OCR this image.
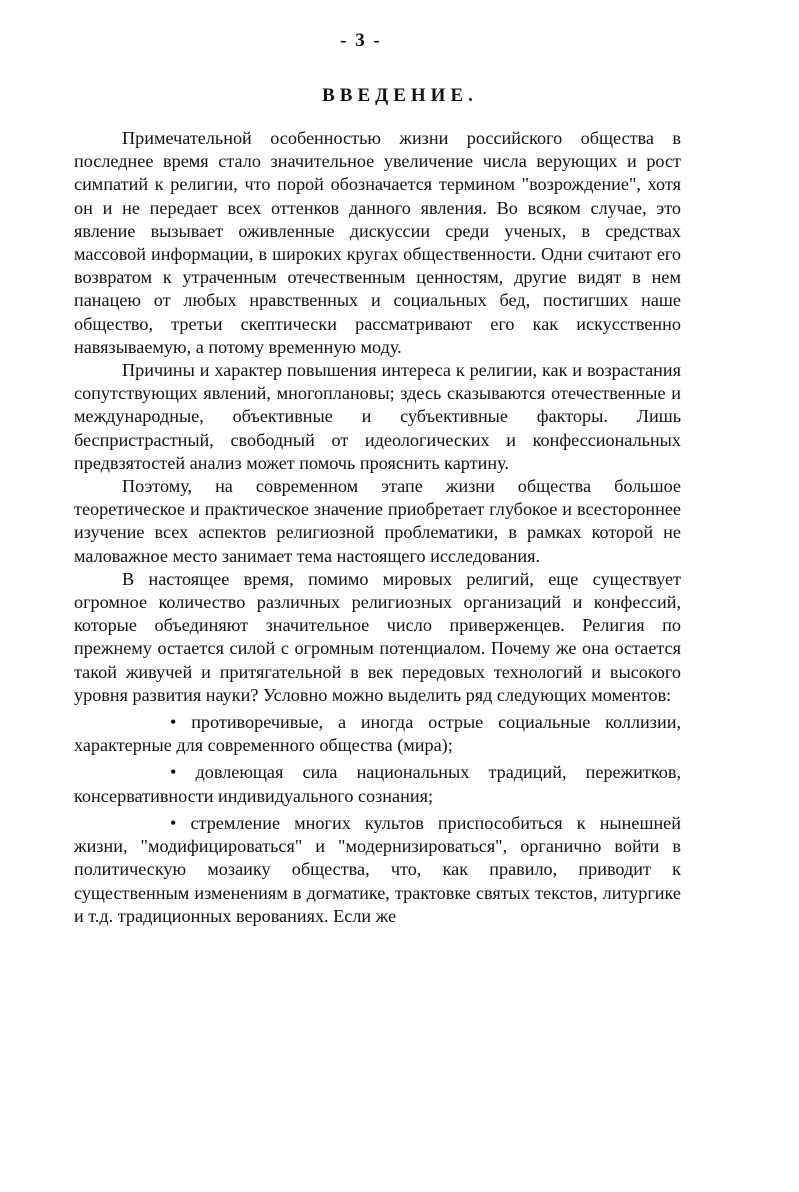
- 3 -
ВВЕДЕНИЕ.

Примечательной особенностью жизни российского общества в последнее время стало значительное увеличение числа верующих и рост симпатий к религии, что порой обозначается термином "возрождение", хотя он и не передает всех оттенков данного явления. Во всяком случае, это явление вызывает оживленные дискуссии среди ученых, в средствах массовой информации, в широких кругах общественности. Одни считают его возвратом к утраченным отечественным ценностям, другие видят в нем панацею от любых нравственных и социальных бед, постигших наше общество, третьи скептически рассматривают его как искусственно навязываемую, а потому временную моду.

Причины и характер повышения интереса к религии, как и возрастания сопутствующих явлений, многоплановы; здесь сказываются отечественные и международные, объективные и субъективные факторы. Лишь беспристрастный, свободный от идеологических и конфессиональных предвзятостей анализ может помочь прояснить картину.

Поэтому, на современном этапе жизни общества большое теоретическое и практическое значение приобретает глубокое и всестороннее изучение всех аспектов религиозной проблематики, в рамках которой не маловажное место занимает тема настоящего исследования.

В настоящее время, помимо мировых религий, еще существует огромное количество различных религиозных организаций и конфессий, которые объединяют значительное число приверженцев. Религия по прежнему остается силой с огромным потенциалом. Почему же она остается такой живучей и притягательной в век передовых технологий и высокого уровня развития науки? Условно можно выделить ряд следующих моментов:

• противоречивые, а иногда острые социальные коллизии, характерные для современного общества (мира);

• довлеющая сила национальных традиций, пережитков, консервативности индивидуального сознания;

• стремление многих культов приспособиться к нынешней жизни, "модифицироваться" и "модернизироваться", органично войти в политическую мозаику общества, что, как правило, приводит к существенным изменениям в догматике, трактовке святых текстов, литургике и т.д. традиционных верованиях. Если же
